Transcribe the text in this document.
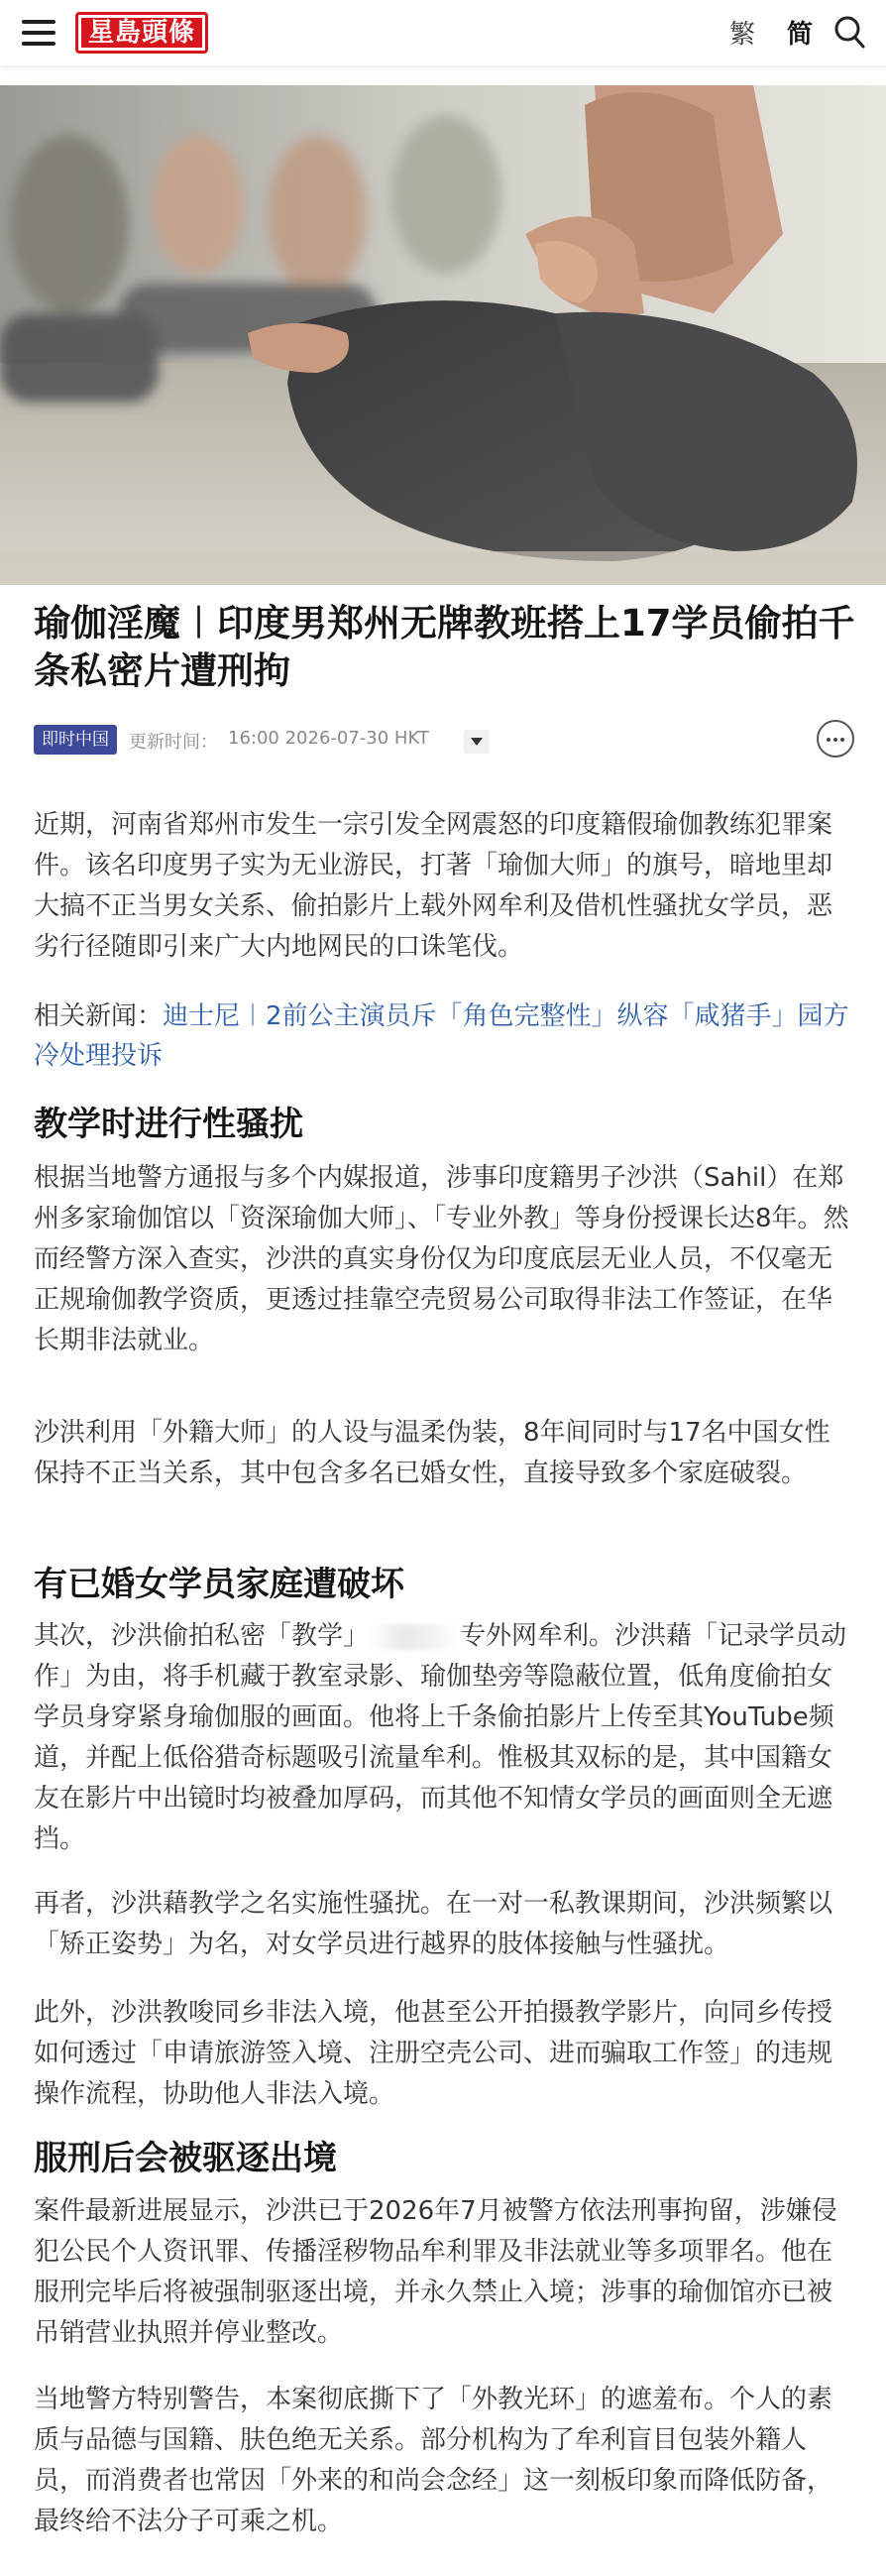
星島頭條	繁 简
瑜伽淫魔︱印度男郑州无牌教班搭上17学员偷拍千条私密片遭刑拘
即时中国	更新时间： 16:00 2026-07-30 HKT

近期，河南省郑州市发生一宗引发全网震怒的印度籍假瑜伽教练犯罪案件。该名印度男子实为无业游民，打著「瑜伽大师」的旗号，暗地里却大搞不正当男女关系、偷拍影片上载外网牟利及借机性骚扰女学员，恶劣行径随即引来广大内地网民的口诛笔伐。

相关新闻：迪士尼︱2前公主演员斥「角色完整性」纵容「咸猪手」园方冷处理投诉
教学时进行性骚扰

根据当地警方通报与多个内媒报道，涉事印度籍男子沙洪（Sahil）在郑州多家瑜伽馆以「资深瑜伽大师」、「专业外教」等身份授课长达8年。然而经警方深入查实，沙洪的真实身份仅为印度底层无业人员，不仅毫无正规瑜伽教学资质，更透过挂靠空壳贸易公司取得非法工作签证，在华长期非法就业。

沙洪利用「外籍大师」的人设与温柔伪装，8年间同时与17名中国女性保持不正当关系，其中包含多名已婚女性，直接导致多个家庭破裂。

有已婚女学员家庭遭破坏

其次，沙洪偷拍私密「教学」	专外网牟利。沙洪藉「记录学员动作」为由，将手机藏于教室录影、瑜伽垫旁等隐蔽位置，低角度偷拍女学员身穿紧身瑜伽服的画面。他将上千条偷拍影片上传至其YouTube频道，并配上低俗猎奇标题吸引流量牟利。惟极其双标的是，其中国籍女友在影片中出镜时均被叠加厚码，而其他不知情女学员的画面则全无遮挡。

再者，沙洪藉教学之名实施性骚扰。在一对一私教课期间，沙洪频繁以「矫正姿势」为名，对女学员进行越界的肢体接触与性骚扰。

此外，沙洪教唆同乡非法入境，他甚至公开拍摄教学影片，向同乡传授如何透过「申请旅游签入境、注册空壳公司、进而骗取工作签」的违规操作流程，协助他人非法入境。

服刑后会被驱逐出境

案件最新进展显示，沙洪已于2026年7月被警方依法刑事拘留，涉嫌侵犯公民个人资讯罪、传播淫秽物品牟利罪及非法就业等多项罪名。他在服刑完毕后将被强制驱逐出境，并永久禁止入境；涉事的瑜伽馆亦已被吊销营业执照并停业整改。

当地警方特别警告，本案彻底撕下了「外教光环」的遮羞布。个人的素质与品德与国籍、肤色绝无关系。部分机构为了牟利盲目包装外籍人员，而消费者也常因「外来的和尚会念经」这一刻板印象而降低防备，最终给不法分子可乘之机。
